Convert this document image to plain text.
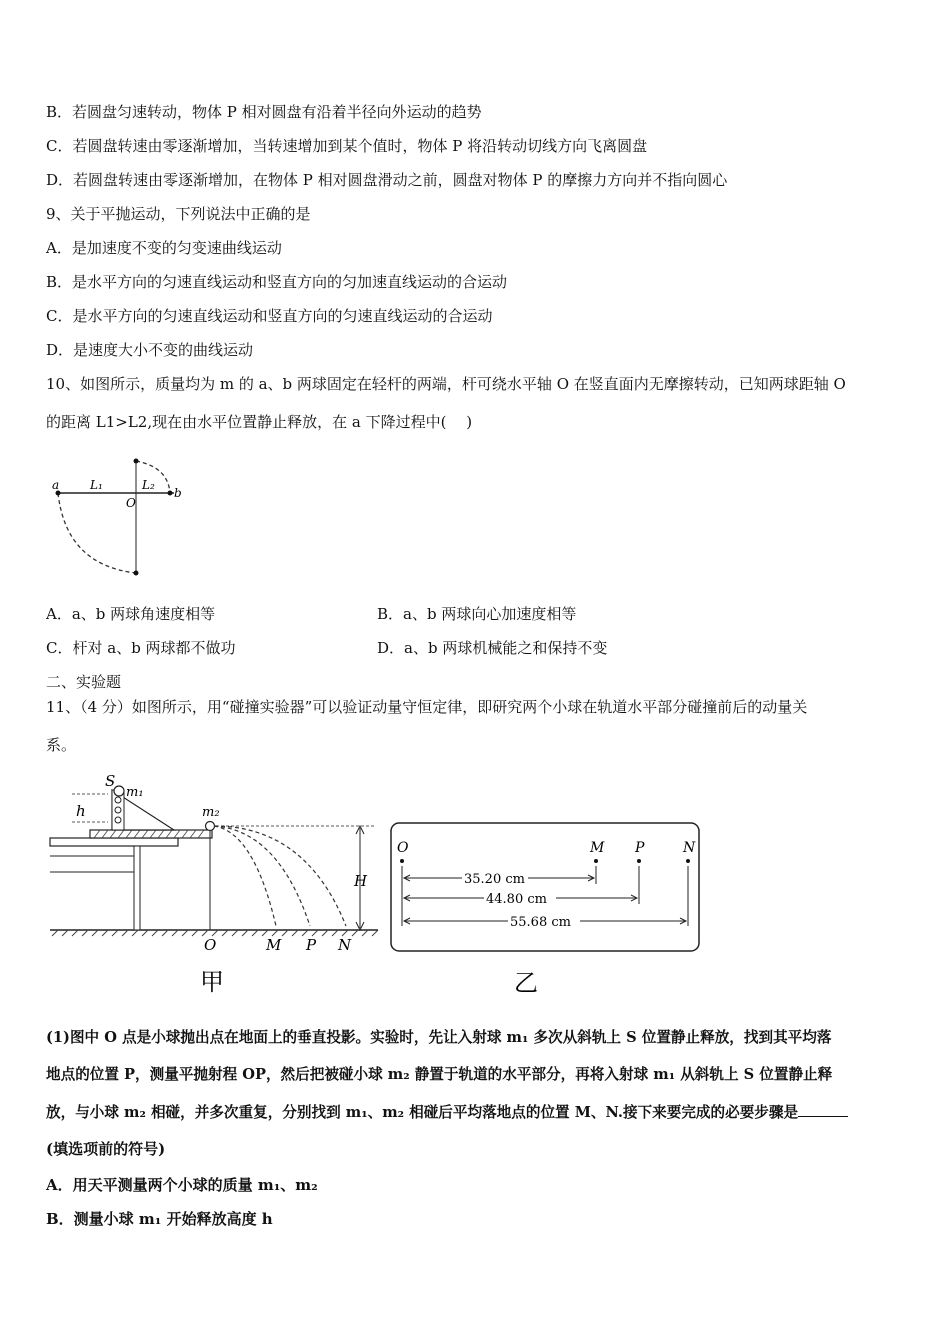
B．若圆盘匀速转动，物体 P 相对圆盘有沿着半径向外运动的趋势
C．若圆盘转速由零逐渐增加，当转速增加到某个值时，物体 P 将沿转动切线方向飞离圆盘
D．若圆盘转速由零逐渐增加，在物体 P 相对圆盘滑动之前，圆盘对物体 P 的摩擦力方向并不指向圆心
9、关于平抛运动，下列说法中正确的是
A．是加速度不变的匀变速曲线运动
B．是水平方向的匀速直线运动和竖直方向的匀加速直线运动的合运动
C．是水平方向的匀速直线运动和竖直方向的匀速直线运动的合运动
D．是速度大小不变的曲线运动
10、如图所示，质量均为 m 的 a、b 两球固定在轻杆的两端，杆可绕水平轴 O 在竖直面内无摩擦转动，已知两球距轴 O
的距离 L1>L2,现在由水平位置静止释放，在 a 下降过程中(　 )
a	L₁
O
L₂
b
A．a、b 两球角速度相等	B．a、b 两球向心加速度相等
C．杆对 a、b 两球都不做功	D．a、b 两球机械能之和保持不变
二、实验题
11、（4 分）如图所示，用“碰撞实验器”可以验证动量守恒定律，即研究两个小球在轨道水平部分碰撞前后的动量关
系。
S
m₁
h	m₂
H
O	M P N
甲
35.20 cm
44.80 cm
55.68 cm
O	M P	N
乙
(1)图中 O 点是小球抛出点在地面上的垂直投影。实验时，先让入射球 m₁ 多次从斜轨上 S 位置静止释放，找到其平均落
地点的位置 P，测量平抛射程 OP，然后把被碰小球 m₂ 静置于轨道的水平部分，再将入射球 m₁ 从斜轨上 S 位置静止释
放，与小球 m₂ 相碰，并多次重复，分别找到 m₁、m₂ 相碰后平均落地点的位置 M、N.接下来要完成的必要步骤是
(填选项前的符号)
A．用天平测量两个小球的质量 m₁、m₂
B．测量小球 m₁ 开始释放高度 h
